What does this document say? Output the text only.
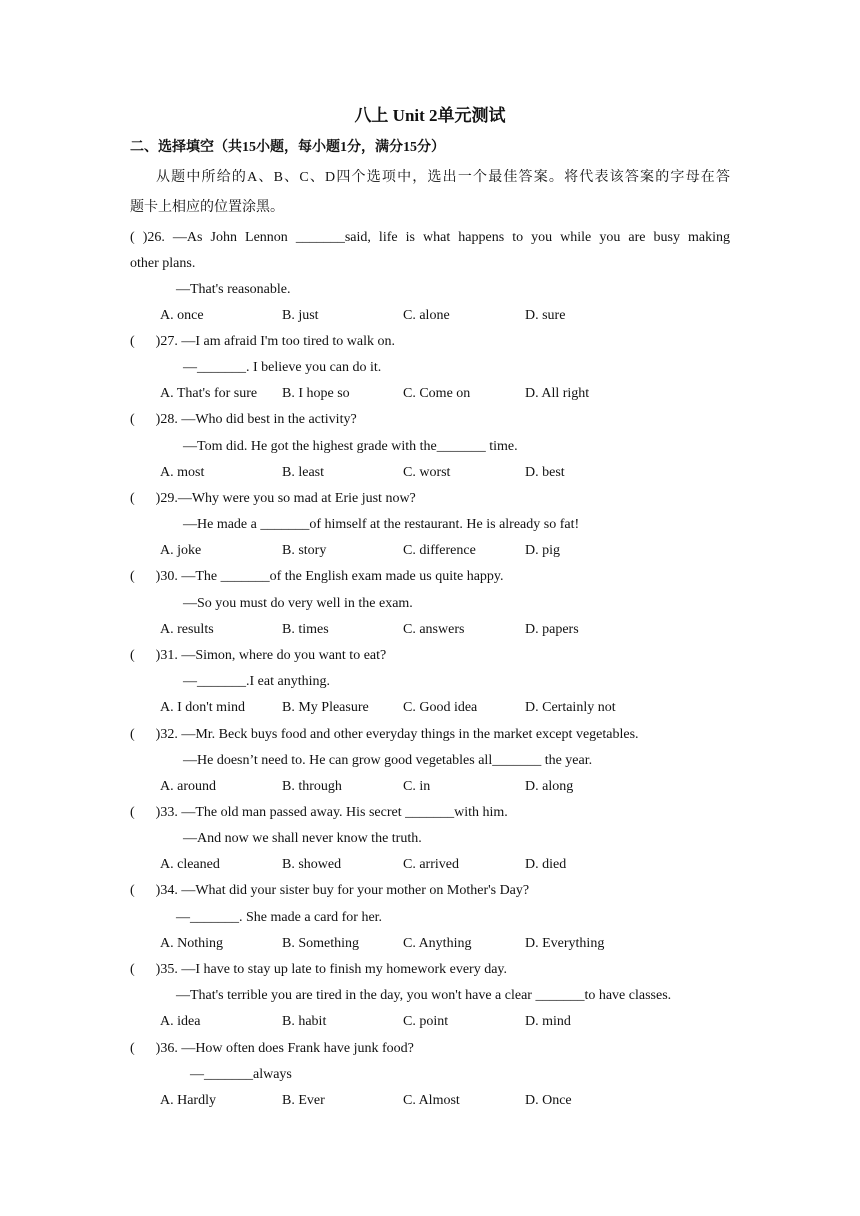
八上 Unit 2单元测试
二、选择填空（共15小题，每小题1分，满分15分）
从题中所给的A、B、C、D四个选项中，选出一个最佳答案。将代表该答案的字母在答
题卡上相应的位置涂黑。
( )26. —As John Lennon _______said, life is what happens to you while you are busy making
other plans.
—That's reasonable.
A. once	B. just	C. alone	D. sure
(      )27. —I am afraid I'm too tired to walk on.
—_______. I believe you can do it.
A. That's for sure B. I hope so	C. Come on	D. All right
(      )28. —Who did best in the activity?
—Tom did. He got the highest grade with the_______ time.
A. most	B. least	C. worst	D. best
(      )29.—Why were you so mad at Erie just now?
—He made a _______of himself at the restaurant. He is already so fat!
A. joke	B. story	C. difference	D. pig
(      )30. —The _______of the English exam made us quite happy.
—So you must do very well in the exam.
A. results	B. times	C. answers	D. papers
(      )31. —Simon, where do you want to eat?
—_______.I eat anything.
A. I don't mind	B. My Pleasure C. Good idea	D. Certainly not
(      )32. —Mr. Beck buys food and other everyday things in the market except vegetables.
—He doesn’t need to. He can grow good vegetables all_______ the year.
A. around	B. through	C. in	D. along
(      )33. —The old man passed away. His secret _______with him.
—And now we shall never know the truth.
A. cleaned	B. showed	C. arrived	D. died
(      )34. —What did your sister buy for your mother on Mother's Day?
—_______. She made a card for her.
A. Nothing	B. Something	C. Anything	D. Everything
(      )35. —I have to stay up late to finish my homework every day.
—That's terrible you are tired in the day, you won't have a clear _______to have classes.
A. idea	B. habit	C. point	D. mind
(      )36. —How often does Frank have junk food?
—_______always
A. Hardly	B. Ever	C. Almost	D. Once
